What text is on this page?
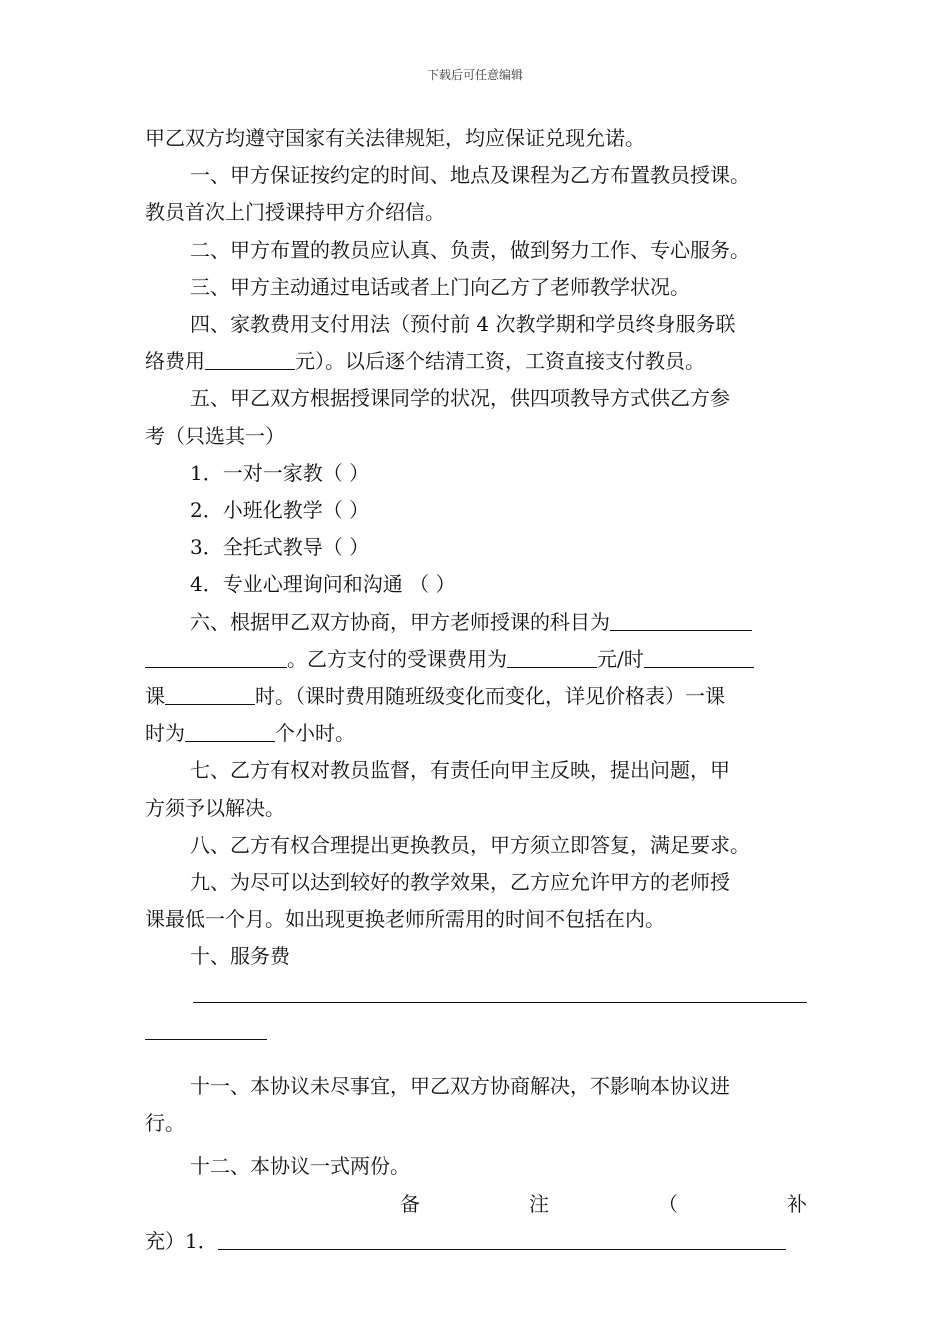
下载后可任意编辑

甲乙双方均遵守国家有关法律规矩，均应保证兑现允诺。

一、甲方保证按约定的时间、地点及课程为乙方布置教员授课。

教员首次上门授课持甲方介绍信。

二、甲方布置的教员应认真、负责，做到努力工作、专心服务。

三、甲方主动通过电话或者上门向乙方了老师教学状况。

四、家教费用支付用法（预付前 4 次教学期和学员终身服务联

络费用	元）。以后逐个结清工资，工资直接支付教员。

五、甲乙双方根据授课同学的状况，供四项教导方式供乙方参

考（只选其一）

1．一对一家教（ ）

2．小班化教学（ ）

3．全托式教导（ ）

4．专业心理询问和沟通 （ ）

六、根据甲乙双方协商，甲方老师授课的科目为

。乙方支付的受课费用为	元/时

课	时。（课时费用随班级变化而变化，详见价格表）一课

时为	个小时。

七、乙方有权对教员监督，有责任向甲主反映，提出问题，甲

方须予以解决。

八、乙方有权合理提出更换教员，甲方须立即答复，满足要求。

九、为尽可以达到较好的教学效果，乙方应允许甲方的老师授

课最低一个月。如出现更换老师所需用的时间不包括在内。

十、服务费

十一、本协议未尽事宜，甲乙双方协商解决，不影响本协议进

行。

十二、本协议一式两份。

备	注	（	补

充）1．
